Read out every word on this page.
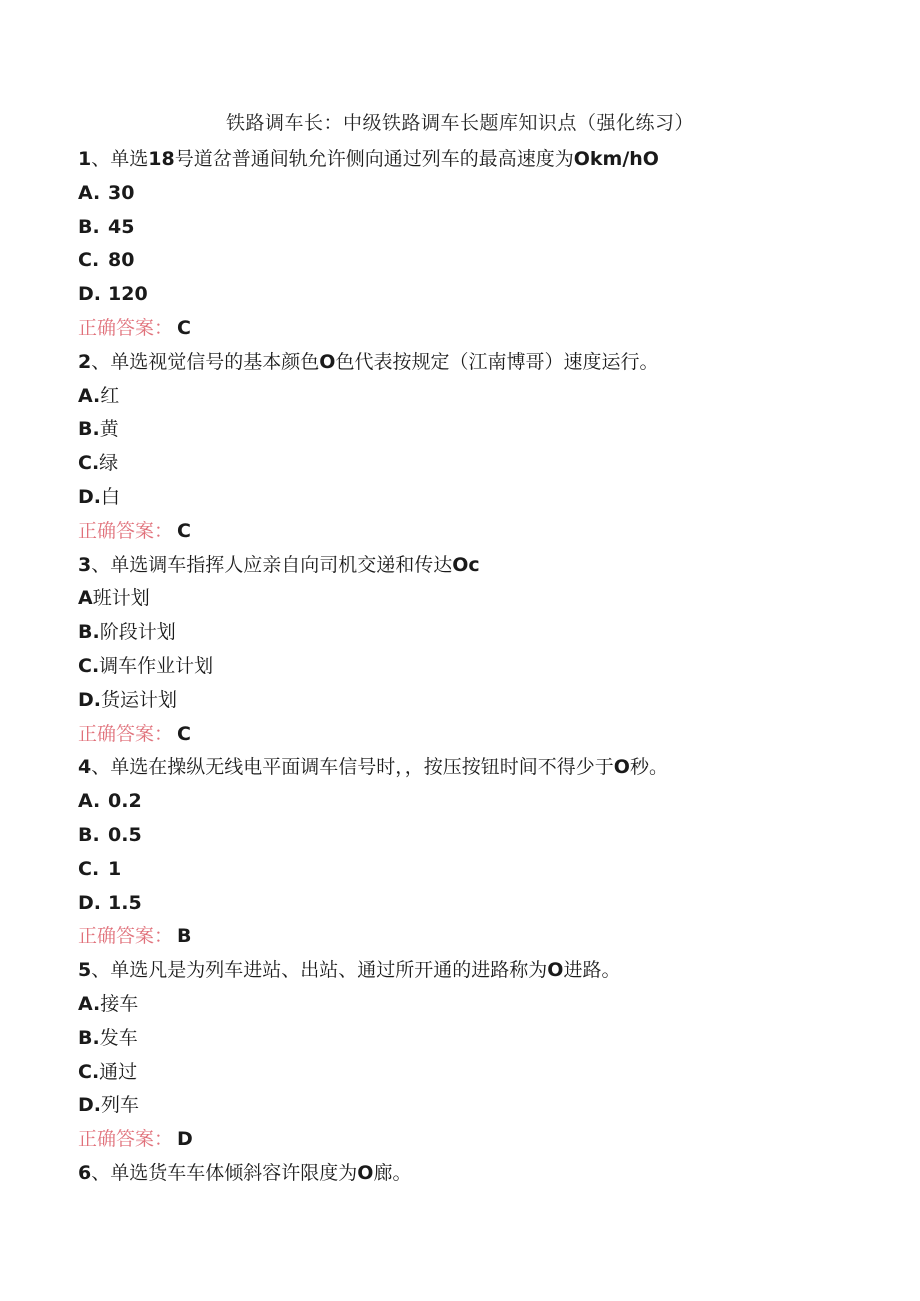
铁路调车长：中级铁路调车长题库知识点（强化练习）
1、单选18号道岔普通间轨允许侧向通过列车的最高速度为Okm/hO
A. 30
B. 45
C. 80
D. 120
正确答案： C
2、单选视觉信号的基本颜色O色代表按规定（江南博哥）速度运行。
A.红
B.黄
C.绿
D.白
正确答案： C
3、单选调车指挥人应亲自向司机交递和传达Oc
A班计划
B.阶段计划
C.调车作业计划
D.货运计划
正确答案： C
4、单选在操纵无线电平面调车信号时，，按压按钮时间不得少于O秒。
A. 0.2
B. 0.5
C. 1
D. 1.5
正确答案： B
5、单选凡是为列车进站、出站、通过所开通的进路称为O进路。
A.接车
B.发车
C.通过
D.列车
正确答案： D
6、单选货车车体倾斜容许限度为O廊。
